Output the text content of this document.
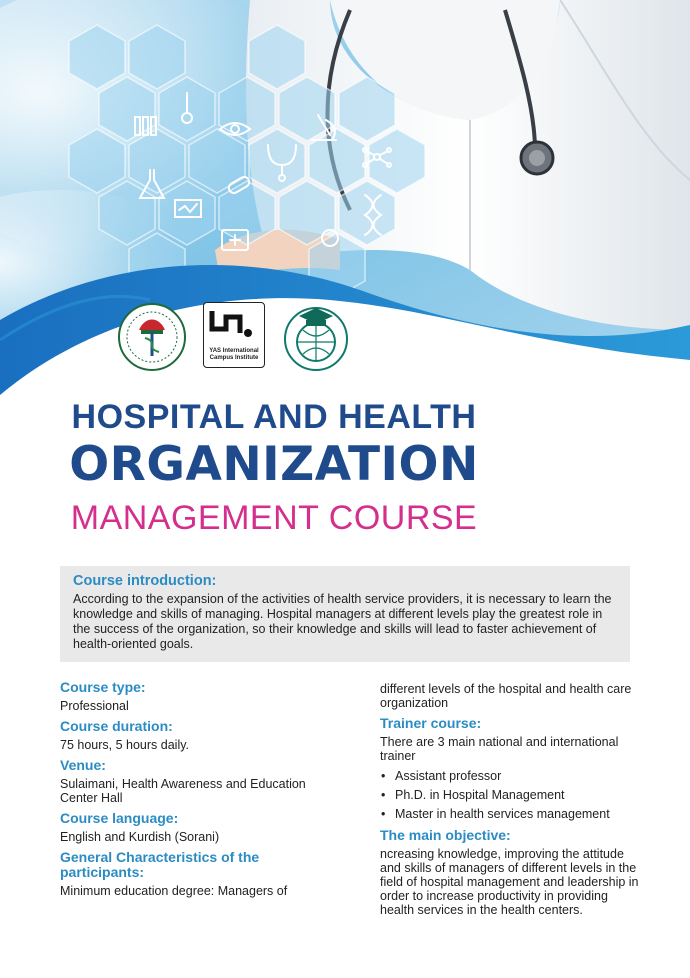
YAS International
Campus Institute
HOSPITAL AND HEALTH
ORGANIZATION
MANAGEMENT COURSE
Course introduction:

According to the expansion of the activities of health service providers, it is necessary to learn the knowledge and skills of managing. Hospital managers at different levels play the greatest role in the success of the organization, so their knowledge and skills will lead to faster achievement of health-oriented goals.

Course type:
Professional
Course duration:
75 hours, 5 hours daily.
Venue:
Sulaimani, Health Awareness and Education Center Hall
Course language:
English and Kurdish (Sorani)
General Characteristics of the participants:
Minimum education degree: Managers of
different levels of the hospital and health care organization
Trainer course:
There are 3 main national and international trainer
• Assistant professor
• Ph.D. in Hospital Management
• Master in health services management
The main objective:
ncreasing knowledge, improving the attitude and skills of managers of different levels in the field of hospital management and leadership in order to increase productivity in providing health services in the health centers.
